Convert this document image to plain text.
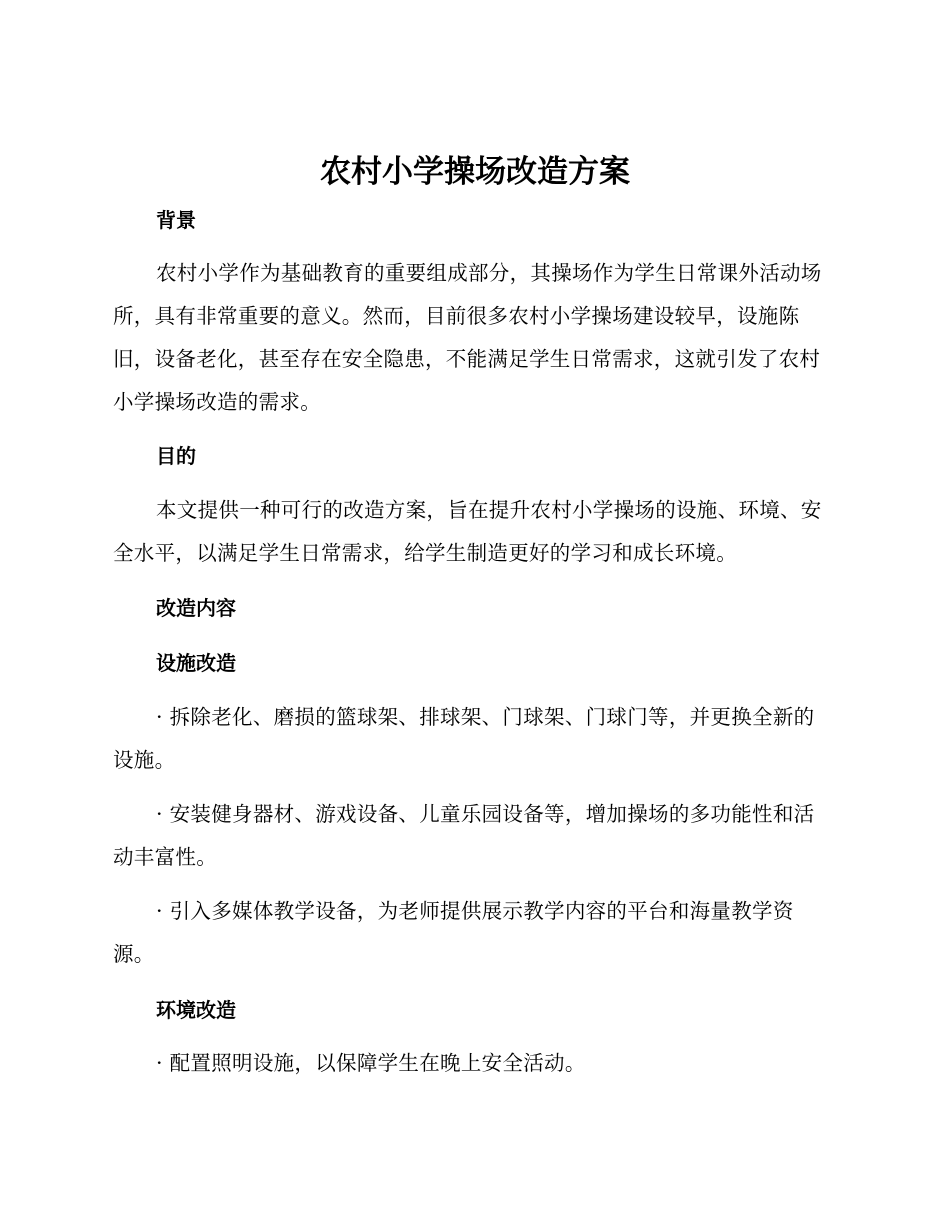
农村小学操场改造方案
背景

农村小学作为基础教育的重要组成部分，其操场作为学生日常课外活动场所，具有非常重要的意义。然而，目前很多农村小学操场建设较早，设施陈旧，设备老化，甚至存在安全隐患，不能满足学生日常需求，这就引发了农村小学操场改造的需求。

目的

本文提供一种可行的改造方案，旨在提升农村小学操场的设施、环境、安全水平，以满足学生日常需求，给学生制造更好的学习和成长环境。

改造内容
设施改造

· 拆除老化、磨损的篮球架、排球架、门球架、门球门等，并更换全新的设施。

· 安装健身器材、游戏设备、儿童乐园设备等，增加操场的多功能性和活动丰富性。

· 引入多媒体教学设备，为老师提供展示教学内容的平台和海量教学资源。

环境改造

· 配置照明设施，以保障学生在晚上安全活动。
